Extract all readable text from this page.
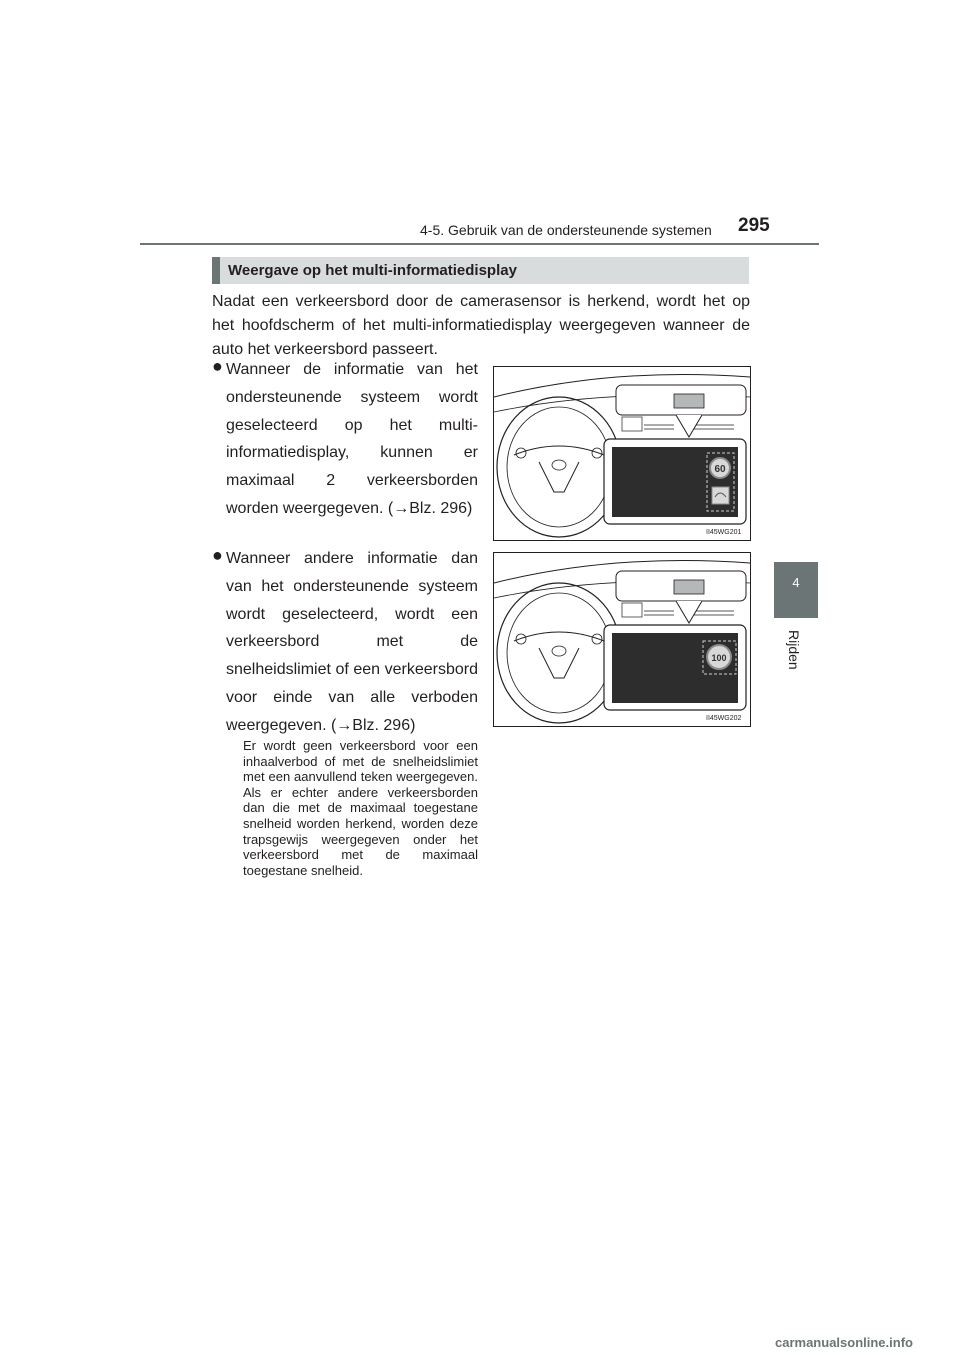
4-5. Gebruik van de ondersteunende systemen 295
4
Rijden
Weergave op het multi-informatiedisplay

Nadat een verkeersbord door de camerasensor is herkend, wordt het op het hoofdscherm of het multi-informatiedisplay weergegeven wanneer de auto het verkeersbord passeert.

● Wanneer de informatie van het ondersteunende systeem wordt geselecteerd op het multi-informatiedisplay, kunnen er maximaal 2 verkeersborden worden weergegeven. (→Blz. 296)

● Wanneer andere informatie dan van het ondersteunende systeem wordt geselecteerd, wordt een verkeersbord met de snelheidslimiet of een verkeersbord voor einde van alle verboden weergegeven. (→Blz. 296)

Er wordt geen verkeersbord voor een inhaalverbod of met de snelheidslimiet met een aanvullend teken weergegeven. Als er echter andere verkeersborden dan die met de maximaal toegestane snelheid worden herkend, worden deze trapsgewijs weergegeven onder het verkeersbord met de maximaal toegestane snelheid.

60
II45WG201
100
II45WG202
carmanualsonline.info
